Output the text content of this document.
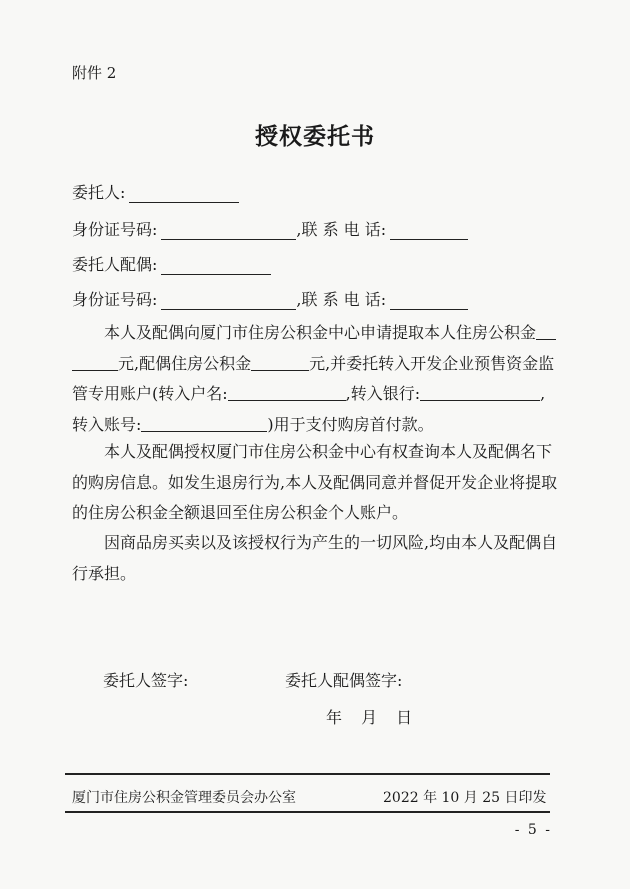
附件 2
授权委托书
委托人:
身份证号码:	,联 系 电 话:
委托人配偶:
身份证号码:	,联 系 电 话:
本人及配偶向厦门市住房公积金中心申请提取本人住房公积金元,配偶住房公积金	元,并委托转入开发企业预售资金监管专用账户(转入户名:	,转入银行:	,转入账号:	)用于支付购房首付款。
本人及配偶授权厦门市住房公积金中心有权查询本人及配偶名下的购房信息。如发生退房行为,本人及配偶同意并督促开发企业将提取的住房公积金全额退回至住房公积金个人账户。
因商品房买卖以及该授权行为产生的一切风险,均由本人及配偶自行承担。
委托人签字:	委托人配偶签字:
年 月 日
厦门市住房公积金管理委员会办公室	2022 年 10 月 25 日印发
- 5 -
